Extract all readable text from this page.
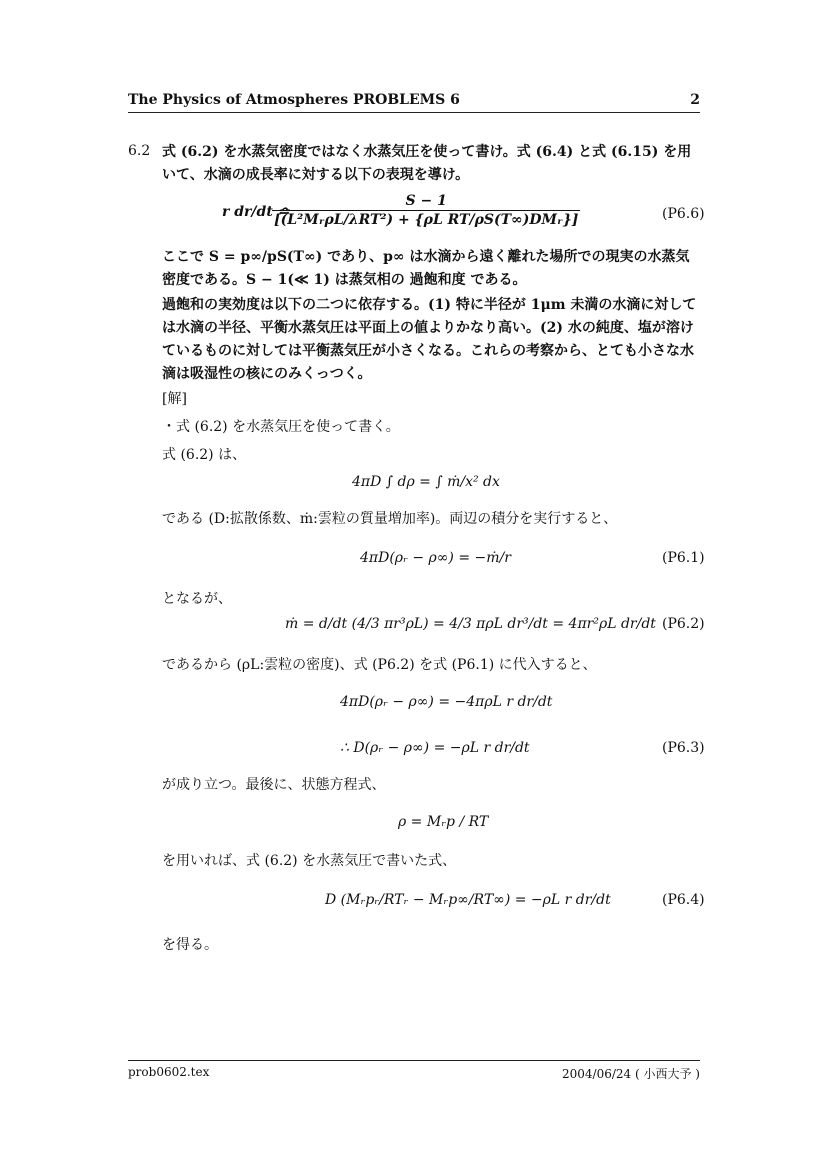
The Physics of Atmospheres PROBLEMS 6	2
6.2 式 (6.2) を水蒸気密度ではなく水蒸気圧を使って書け。式 (6.4) と式 (6.15) を用いて、水滴の成長率に対する以下の表現を導け。
r dr/dt ≏
$\frac{S - 1}{\text{[(L²MᵣρL/λRT²) + \{ρL RT/ρS(T∞)DMᵣ\}]}}$	(P6.6)
ここで S = p∞/pS(T∞) であり、p∞ は水滴から遠く離れた場所での現実の水蒸気密度である。S − 1(≪ 1) は蒸気相の 過飽和度 である。
過飽和の実効度は以下の二つに依存する。(1) 特に半径が 1μm 未満の水滴に対しては水滴の半径、平衡水蒸気圧は平面上の値よりかなり高い。(2) 水の純度、塩が溶けているものに対しては平衡蒸気圧が小さくなる。これらの考察から、とても小さな水滴は吸湿性の核にのみくっつく。
[解]
・式 (6.2) を水蒸気圧を使って書く。
式 (6.2) は、
4πD ∫ dρ = ∫ ṁ/x² dx
である (D:拡散係数、ṁ:雲粒の質量増加率)。両辺の積分を実行すると、
4πD(ρᵣ − ρ∞) = −ṁ/r	(P6.1)
となるが、
ṁ = d/dt (4/3 πr³ρL) = 4/3 πρL dr³/dt = 4πr²ρL dr/dt (P6.2)
であるから (ρL:雲粒の密度)、式 (P6.2) を式 (P6.1) に代入すると、
4πD(ρᵣ − ρ∞) = −4πρL r dr/dt
∴ D(ρᵣ − ρ∞) = −ρL r dr/dt	(P6.3)
が成り立つ。最後に、状態方程式、
ρ = Mᵣp / RT
を用いれば、式 (6.2) を水蒸気圧で書いた式、
D (Mᵣpᵣ/RTᵣ − Mᵣp∞/RT∞) = −ρL r dr/dt	(P6.4)
を得る。
prob0602.tex	2004/06/24 ( 小西大予 )
